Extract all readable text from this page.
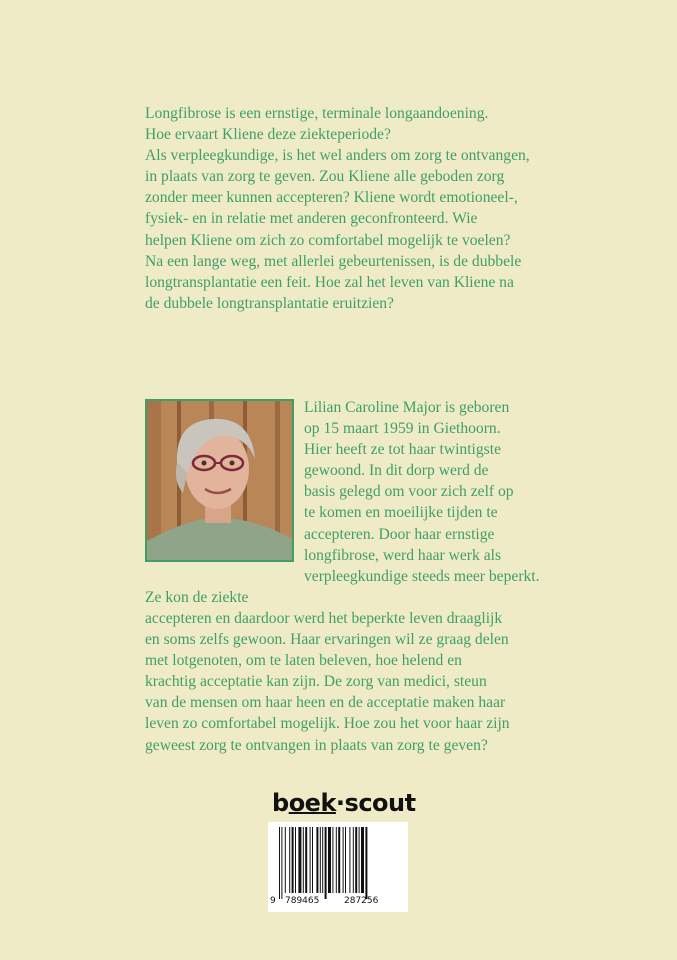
Longfibrose is een ernstige, terminale longaandoening.
Hoe ervaart Kliene deze ziekteperiode?
Als verpleegkundige, is het wel anders om zorg te ontvangen,
in plaats van zorg te geven. Zou Kliene alle geboden zorg
zonder meer kunnen accepteren? Kliene wordt emotioneel-,
fysiek- en in relatie met anderen geconfronteerd. Wie
helpen Kliene om zich zo comfortabel mogelijk te voelen?
Na een lange weg, met allerlei gebeurtenissen, is de dubbele
longtransplantatie een feit. Hoe zal het leven van Kliene na
de dubbele longtransplantatie eruitzien?

Lilian Caroline Major is geboren
op 15 maart 1959 in Giethoorn.
Hier heeft ze tot haar twintigste
gewoond. In dit dorp werd de
basis gelegd om voor zich zelf op
te komen en moeilijke tijden te
accepteren. Door haar ernstige
longfibrose, werd haar werk als
verpleegkundige steeds meer beperkt. Ze kon de ziekte
accepteren en daardoor werd het beperkte leven draaglijk
en soms zelfs gewoon. Haar ervaringen wil ze graag delen
met lotgenoten, om te laten beleven, hoe helend en
krachtig acceptatie kan zijn. De zorg van medici, steun
van de mensen om haar heen en de acceptatie maken haar
leven zo comfortabel mogelijk. Hoe zou het voor haar zijn
geweest zorg te ontvangen in plaats van zorg te geven?
boek·scout
9 789465	287256
